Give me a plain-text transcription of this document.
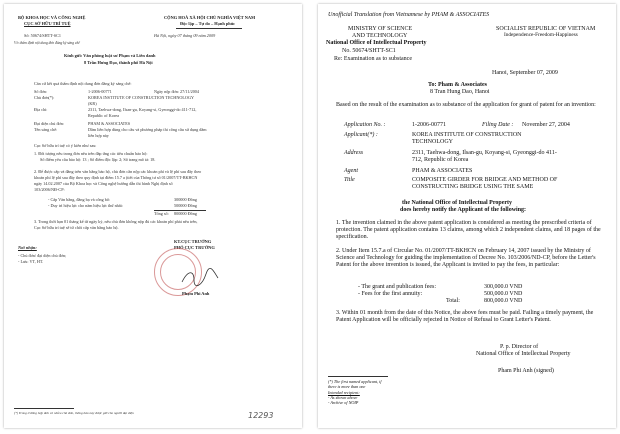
BỘ KHOA HỌC VÀ CÔNG NGHỆ
CỤC SỞ HỮU TRÍ TUỆ
CỘNG HOÀ XÃ HỘI CHỦ NGHĨA VIỆT NAM
Độc lập – Tự do – Hạnh phúc
Số: 50674/SHTT-SC1	Hà Nội, ngày 07 tháng 09 năm 2009
V/v thẩm định nội dung đơn đăng ký sáng chế
Kính gửi: Văn phòng luật sư Phạm và Liên danh
8 Trần Hưng Đạo, thành phố Hà Nội
Căn cứ kết quả thẩm định nội dung đơn đăng ký sáng chế:
Số đơn:	1-2006-00771	Ngày nộp đơn: 27/11/2004
Chủ đơn(*):	KOREA INSTITUTE OF CONSTRUCTION TECHNOLOGY
(KR)
Địa chỉ:	2311, Taehwa-dong, Ilsan-gu, Koyang-si, Gyeonggi-do 411-712,
Republic of Korea
Đại diện chủ đơn:	PHAM & ASSOCIATES
Tên sáng chế:	Dầm liên hợp dùng cho cầu và phương pháp thi công cầu sử dụng dầm
liên hợp này
Cục Sở hữu trí tuệ có ý kiến như sau:
1. Đối tượng nêu trong đơn nêu trên đáp ứng các tiêu chuẩn bảo hộ:
Số điểm yêu cầu bảo hộ: 13 ; Số điểm độc lập: 2; Số trang mô tả: 18.
2. Để được cấp và đăng trên văn bằng bảo hộ, chủ đơn cần nộp các khoản phí và lệ phí sau đây theo
khoản phí lệ phí sau đây theo quy định tại điểm 15.7 a (tiết của Thông tư số 01/2007/TT-BKHCN
ngày 14.02.2007 của Bộ Khoa học và Công nghệ hướng dẫn thi hành Nghị định số
103/2006/NĐ-CP:
- Cấp Văn bằng, đăng bạ và công bố:	300000 Đồng
- Duy trì hiệu lực cho năm hiệu lực thứ nhất:	500000 Đồng
Tổng số: 800000 Đồng
3. Trong thời hạn 01 tháng kể từ ngày ký, nếu chủ đơn không nộp đủ các khoản phí phải nêu trên,
Cục Sở hữu trí tuệ sẽ từ chối cấp văn bằng bảo hộ.
Nơi nhận:
- Chủ đơn/ đại diện chủ đơn;
- Lưu: VT, HT.
KT.CỤC TRƯỞNG
PHÓ CỤC TRƯỞNG
Phạm Phi Anh
(*) Trong trường hợp đơn có nhiều chủ đơn, thông báo này được gửi cho người đại diện	12293
Unofficial Translation from Vietnamese by PHAM & ASSOCIATES
MINISTRY OF SCIENCE
AND TECHNOLOGY
National Office of Intellectual Property
No. 50674/SHTT-SC1
Re: Examination as to substance
SOCIALIST REPUBLIC OF VIETNAM
Independence-Freedom-Happiness
Hanoi, September 07, 2009
To: Pham & Associates
8 Tran Hung Dao, Hanoi
Based on the result of the examination as to substance of the application for grant of patent for an invention:
Application No. :	1-2006-00771	Filing Date : November 27, 2004
Applicant(*) :	KOREA INSTITUTE OF CONSTRUCTION TECHNOLOGY
Address	2311, Taehwa-dong, Ilsan-gu, Koyang-si, Gyeonggi-do 411-712, Republic of Korea
Agent	PHAM & ASSOCIATES
Title	COMPOSITE GIRDER FOR BRIDGE AND METHOD OF CONSTRUCTING BRIDGE USING THE SAME
the National Office of Intellectual Property
does hereby notify the Applicant of the following:
1. The invention claimed in the above patent application is considered as meeting the prescribed criteria of protection. The patent application contains 13 claims, among which 2 independent claims, and 18 pages of the specification.
2. Under Item 15.7.a of Circular No. 01/2007/TT-BKHCN on February 14, 2007 issued by the Ministry of Science and Technology for guiding the implementation of Decree No. 103/2006/ND-CP, before the Letter's Patent for the above invention is issued, the Applicant is invited to pay the fees, in particular:
- The grant and publication fees:	300,000.0 VND
- Fees for the first annuity:	500,000.0 VND
Total:	800,000.0 VND
3. Within 01 month from the date of this Notice, the above fees must be paid. Failing a timely payment, the Patent Application will be officially rejected in Notice of Refusal to Grant Letter's Patent.
P. p. Director of
National Office of Intellectual Property
Pham Phi Anh (signed)
(*) The first named applicant, if
there is more than one
Intended recipient:
- As shown above
- Archive of NOIP
